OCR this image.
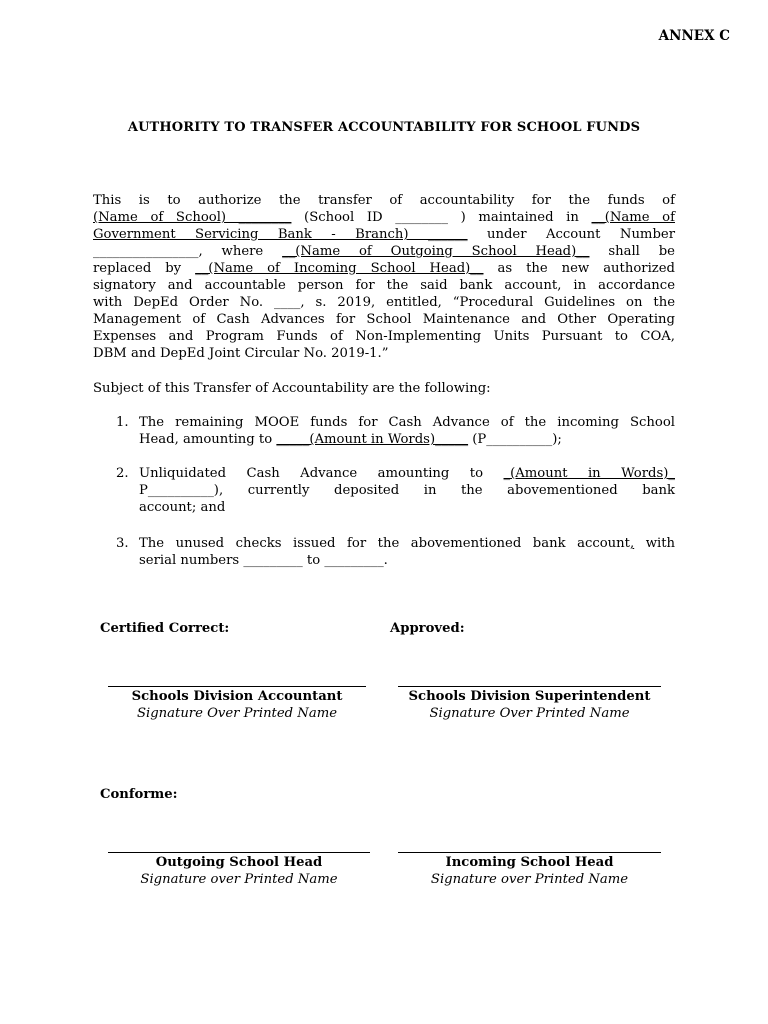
ANNEX C
AUTHORITY TO TRANSFER ACCOUNTABILITY FOR SCHOOL FUNDS
This is to authorize the transfer of accountability for the funds of
(Name of School) ________ (School ID ________ ) maintained in __(Name of
Government Servicing Bank - Branch) ______ under Account Number
________________, where __(Name of Outgoing School Head)__ shall be
replaced by __(Name of Incoming School Head)__ as the new authorized
signatory and accountable person for the said bank account, in accordance
with DepEd Order No. ____, s. 2019, entitled, “Procedural Guidelines on the
Management of Cash Advances for School Maintenance and Other Operating
Expenses and Program Funds of Non-Implementing Units Pursuant to COA,
DBM and DepEd Joint Circular No. 2019-1.”
Subject of this Transfer of Accountability are the following:
1. The remaining MOOE funds for Cash Advance of the incoming School
Head, amounting to _____(Amount in Words)_____ (P__________);
2. Unliquidated Cash Advance amounting to _(Amount in Words)_
P__________), currently deposited in the abovementioned bank
account; and
3. The unused checks issued for the abovementioned bank account, with
serial numbers _________ to _________.
Certified Correct:	Approved:
Schools Division Accountant
Signature Over Printed Name
Schools Division Superintendent
Signature Over Printed Name
Conforme:
Outgoing School Head
Signature over Printed Name
Incoming School Head
Signature over Printed Name
